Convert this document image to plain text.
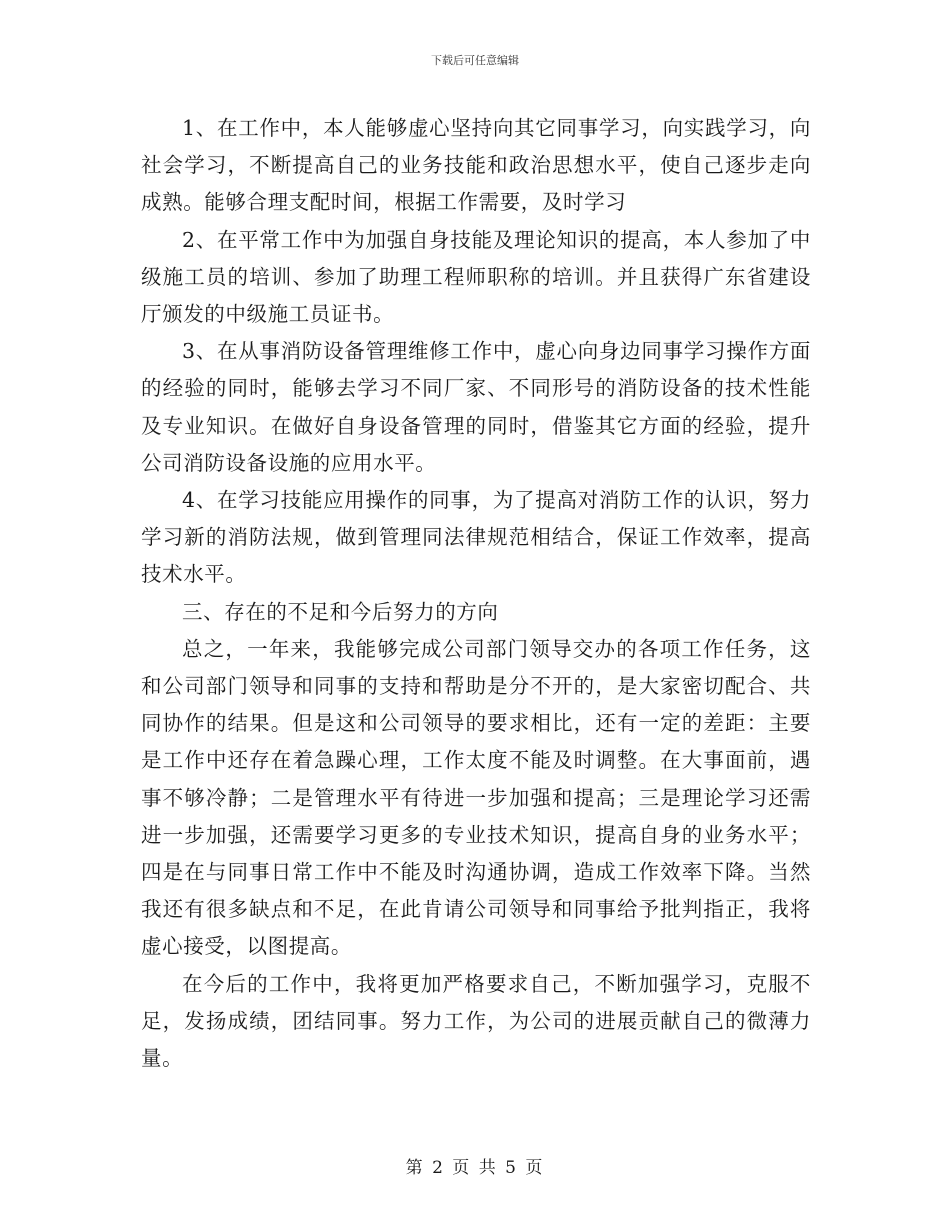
下载后可任意编辑

1、在工作中，本人能够虚心坚持向其它同事学习，向实践学习，向社会学习，不断提高自己的业务技能和政治思想水平，使自己逐步走向成熟。能够合理支配时间，根据工作需要，及时学习

2、在平常工作中为加强自身技能及理论知识的提高，本人参加了中级施工员的培训、参加了助理工程师职称的培训。并且获得广东省建设厅颁发的中级施工员证书。

3、在从事消防设备管理维修工作中，虚心向身边同事学习操作方面的经验的同时，能够去学习不同厂家、不同形号的消防设备的技术性能及专业知识。在做好自身设备管理的同时，借鉴其它方面的经验，提升公司消防设备设施的应用水平。

4、在学习技能应用操作的同事，为了提高对消防工作的认识，努力学习新的消防法规，做到管理同法律规范相结合，保证工作效率，提高技术水平。

三、存在的不足和今后努力的方向

总之，一年来，我能够完成公司部门领导交办的各项工作任务，这和公司部门领导和同事的支持和帮助是分不开的，是大家密切配合、共同协作的结果。但是这和公司领导的要求相比，还有一定的差距：主要是工作中还存在着急躁心理，工作太度不能及时调整。在大事面前，遇事不够冷静；二是管理水平有待进一步加强和提高；三是理论学习还需进一步加强，还需要学习更多的专业技术知识，提高自身的业务水平；四是在与同事日常工作中不能及时沟通协调，造成工作效率下降。当然我还有很多缺点和不足，在此肯请公司领导和同事给予批判指正，我将虚心接受，以图提高。

在今后的工作中，我将更加严格要求自己，不断加强学习，克服不足，发扬成绩，团结同事。努力工作，为公司的进展贡献自己的微薄力量。

第 2 页 共 5 页
